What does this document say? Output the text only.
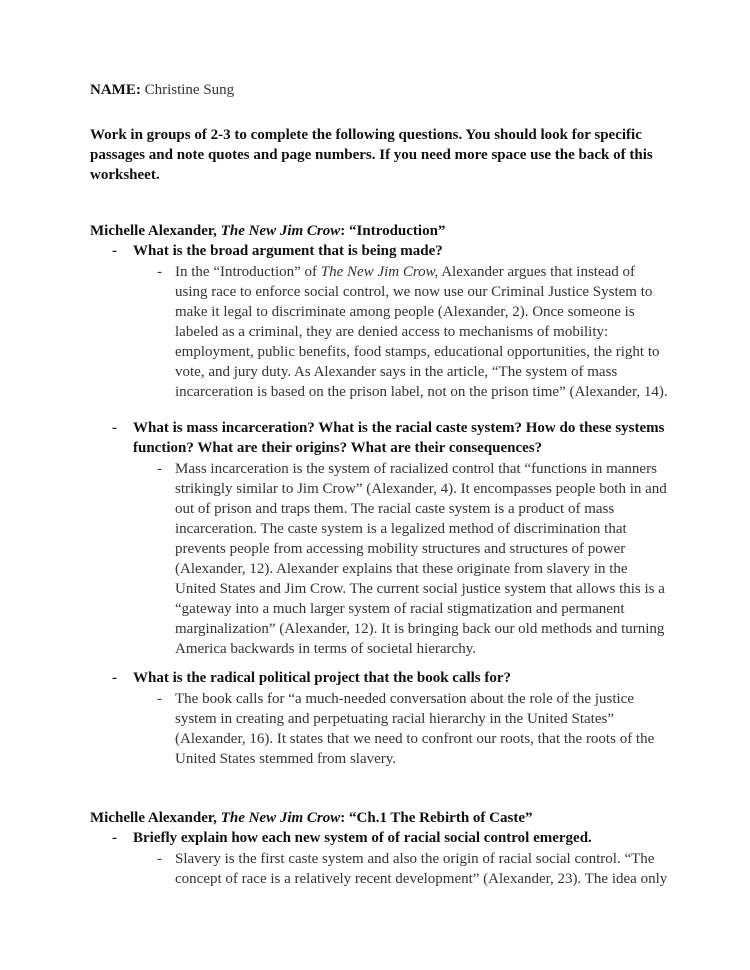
NAME: Christine Sung
Work in groups of 2-3 to complete the following questions. You should look for specific
passages and note quotes and page numbers. If you need more space use the back of this
worksheet.
Michelle Alexander, The New Jim Crow: “Introduction”
- What is the broad argument that is being made?
- In the “Introduction” of The New Jim Crow, Alexander argues that instead of
using race to enforce social control, we now use our Criminal Justice System to
make it legal to discriminate among people (Alexander, 2). Once someone is
labeled as a criminal, they are denied access to mechanisms of mobility:
employment, public benefits, food stamps, educational opportunities, the right to
vote, and jury duty. As Alexander says in the article, “The system of mass
incarceration is based on the prison label, not on the prison time” (Alexander, 14).
- What is mass incarceration? What is the racial caste system? How do these systems
function? What are their origins? What are their consequences?
- Mass incarceration is the system of racialized control that “functions in manners
strikingly similar to Jim Crow” (Alexander, 4). It encompasses people both in and
out of prison and traps them. The racial caste system is a product of mass
incarceration. The caste system is a legalized method of discrimination that
prevents people from accessing mobility structures and structures of power
(Alexander, 12). Alexander explains that these originate from slavery in the
United States and Jim Crow. The current social justice system that allows this is a
“gateway into a much larger system of racial stigmatization and permanent
marginalization” (Alexander, 12). It is bringing back our old methods and turning
America backwards in terms of societal hierarchy.
- What is the radical political project that the book calls for?
- The book calls for “a much-needed conversation about the role of the justice
system in creating and perpetuating racial hierarchy in the United States”
(Alexander, 16). It states that we need to confront our roots, that the roots of the
United States stemmed from slavery.
Michelle Alexander, The New Jim Crow: “Ch.1 The Rebirth of Caste”
- Briefly explain how each new system of of racial social control emerged.
- Slavery is the first caste system and also the origin of racial social control. “The
concept of race is a relatively recent development” (Alexander, 23). The idea only
